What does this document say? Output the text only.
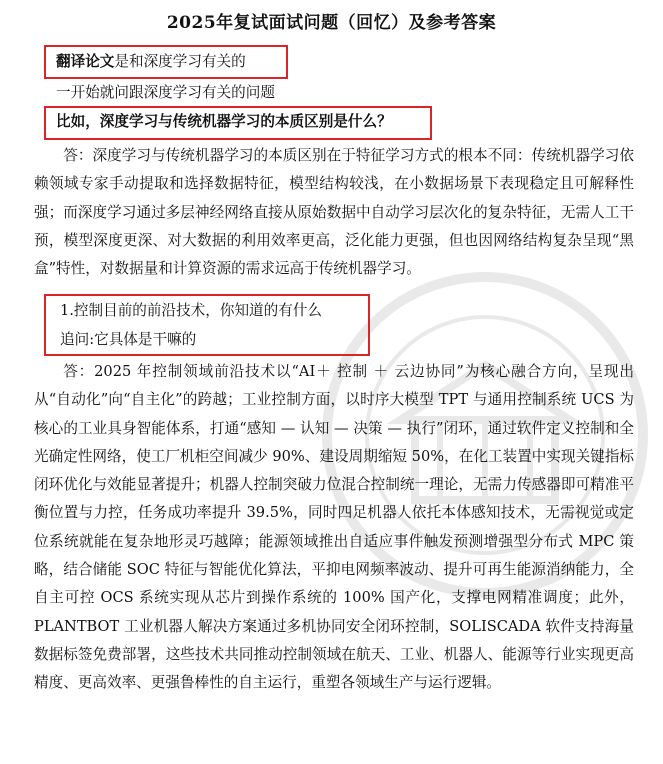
2025年复试面试问题（回忆）及参考答案
翻译论文是和深度学习有关的
一开始就问跟深度学习有关的问题
比如，深度学习与传统机器学习的本质区别是什么？
答：深度学习与传统机器学习的本质区别在于特征学习方式的根本不同：传统机器学习依赖领域专家手动提取和选择数据特征，模型结构较浅，在小数据场景下表现稳定且可解释性强；而深度学习通过多层神经网络直接从原始数据中自动学习层次化的复杂特征，无需人工干预，模型深度更深、对大数据的利用效率更高，泛化能力更强，但也因网络结构复杂呈现“黑盒”特性，对数据量和计算资源的需求远高于传统机器学习。
1.控制目前的前沿技术，你知道的有什么
追问:它具体是干嘛的
答：2025 年控制领域前沿技术以“AI＋ 控制 ＋ 云边协同”为核心融合方向，呈现出从“自动化”向“自主化”的跨越；工业控制方面，以时序大模型 TPT 与通用控制系统 UCS 为核心的工业具身智能体系，打通“感知 — 认知 — 决策 — 执行”闭环，通过软件定义控制和全光确定性网络，使工厂机柜空间减少 90%、建设周期缩短 50%，在化工装置中实现关键指标闭环优化与效能显著提升；机器人控制突破力位混合控制统一理论，无需力传感器即可精准平衡位置与力控，任务成功率提升 39.5%，同时四足机器人依托本体感知技术，无需视觉或定位系统就能在复杂地形灵巧越障；能源领域推出自适应事件触发预测增强型分布式 MPC 策略，结合储能 SOC 特征与智能优化算法，平抑电网频率波动、提升可再生能源消纳能力，全自主可控 OCS 系统实现从芯片到操作系统的 100% 国产化，支撑电网精准调度；此外，PLANTBOT 工业机器人解决方案通过多机协同安全闭环控制，SOLISCADA 软件支持海量数据标签免费部署，这些技术共同推动控制领域在航天、工业、机器人、能源等行业实现更高精度、更高效率、更强鲁棒性的自主运行，重塑各领域生产与运行逻辑。
